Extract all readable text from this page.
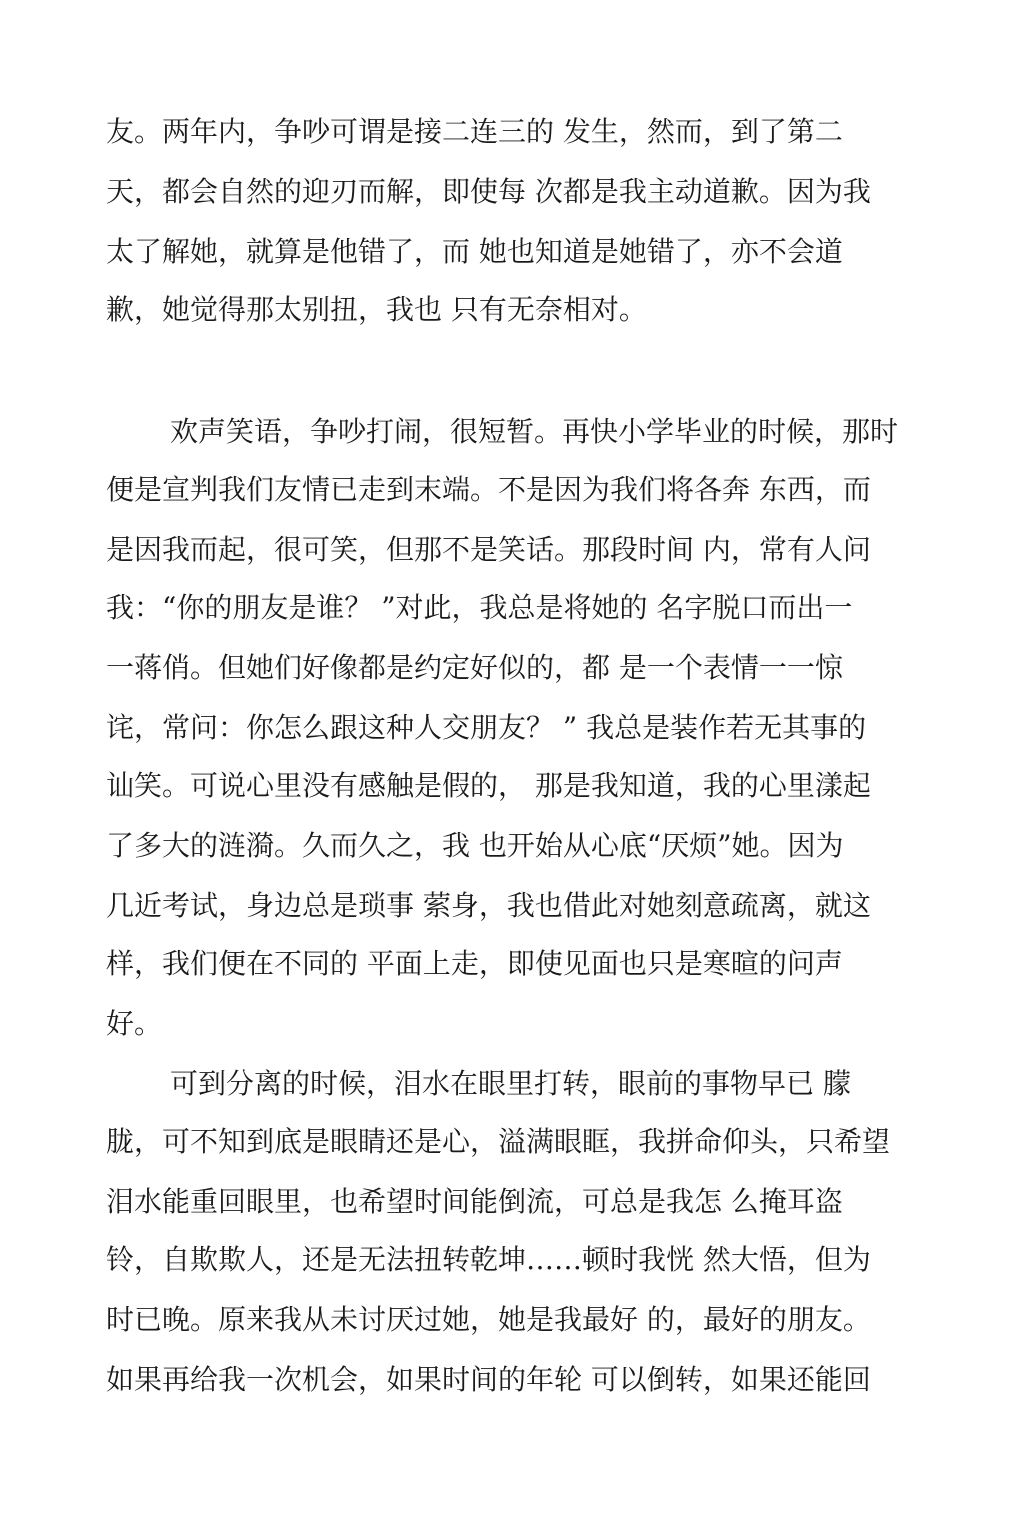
友。两年内，争吵可谓是接二连三的 发生，然而，到了第二
天，都会自然的迎刃而解，即使每 次都是我主动道歉。因为我
太了解她，就算是他错了，而 她也知道是她错了，亦不会道
歉，她觉得那太别扭，我也 只有无奈相对。
欢声笑语，争吵打闹，很短暂。再快小学毕业的时候，那时
便是宣判我们友情已走到末端。不是因为我们将各奔 东西，而
是因我而起，很可笑，但那不是笑话。那段时间 内，常有人问
我：“你的朋友是谁？ ”对此，我总是将她的 名字脱口而出一
一蒋俏。但她们好像都是约定好似的，都 是一个表情一一惊
诧，常问：你怎么跟这种人交朋友？ ” 我总是装作若无其事的
讪笑。可说心里没有感触是假的， 那是我知道，我的心里漾起
了多大的涟漪。久而久之，我 也开始从心底“厌烦”她。因为
几近考试，身边总是琐事 萦身，我也借此对她刻意疏离，就这
样，我们便在不同的 平面上走，即使见面也只是寒暄的问声
好。
可到分离的时候，泪水在眼里打转，眼前的事物早已 朦
胧，可不知到底是眼睛还是心，溢满眼眶，我拼命仰头，只希望
泪水能重回眼里，也希望时间能倒流，可总是我怎 么掩耳盗
铃，自欺欺人，还是无法扭转乾坤……顿时我恍 然大悟，但为
时已晚。原来我从未讨厌过她，她是我最好 的，最好的朋友。
如果再给我一次机会，如果时间的年轮 可以倒转，如果还能回
